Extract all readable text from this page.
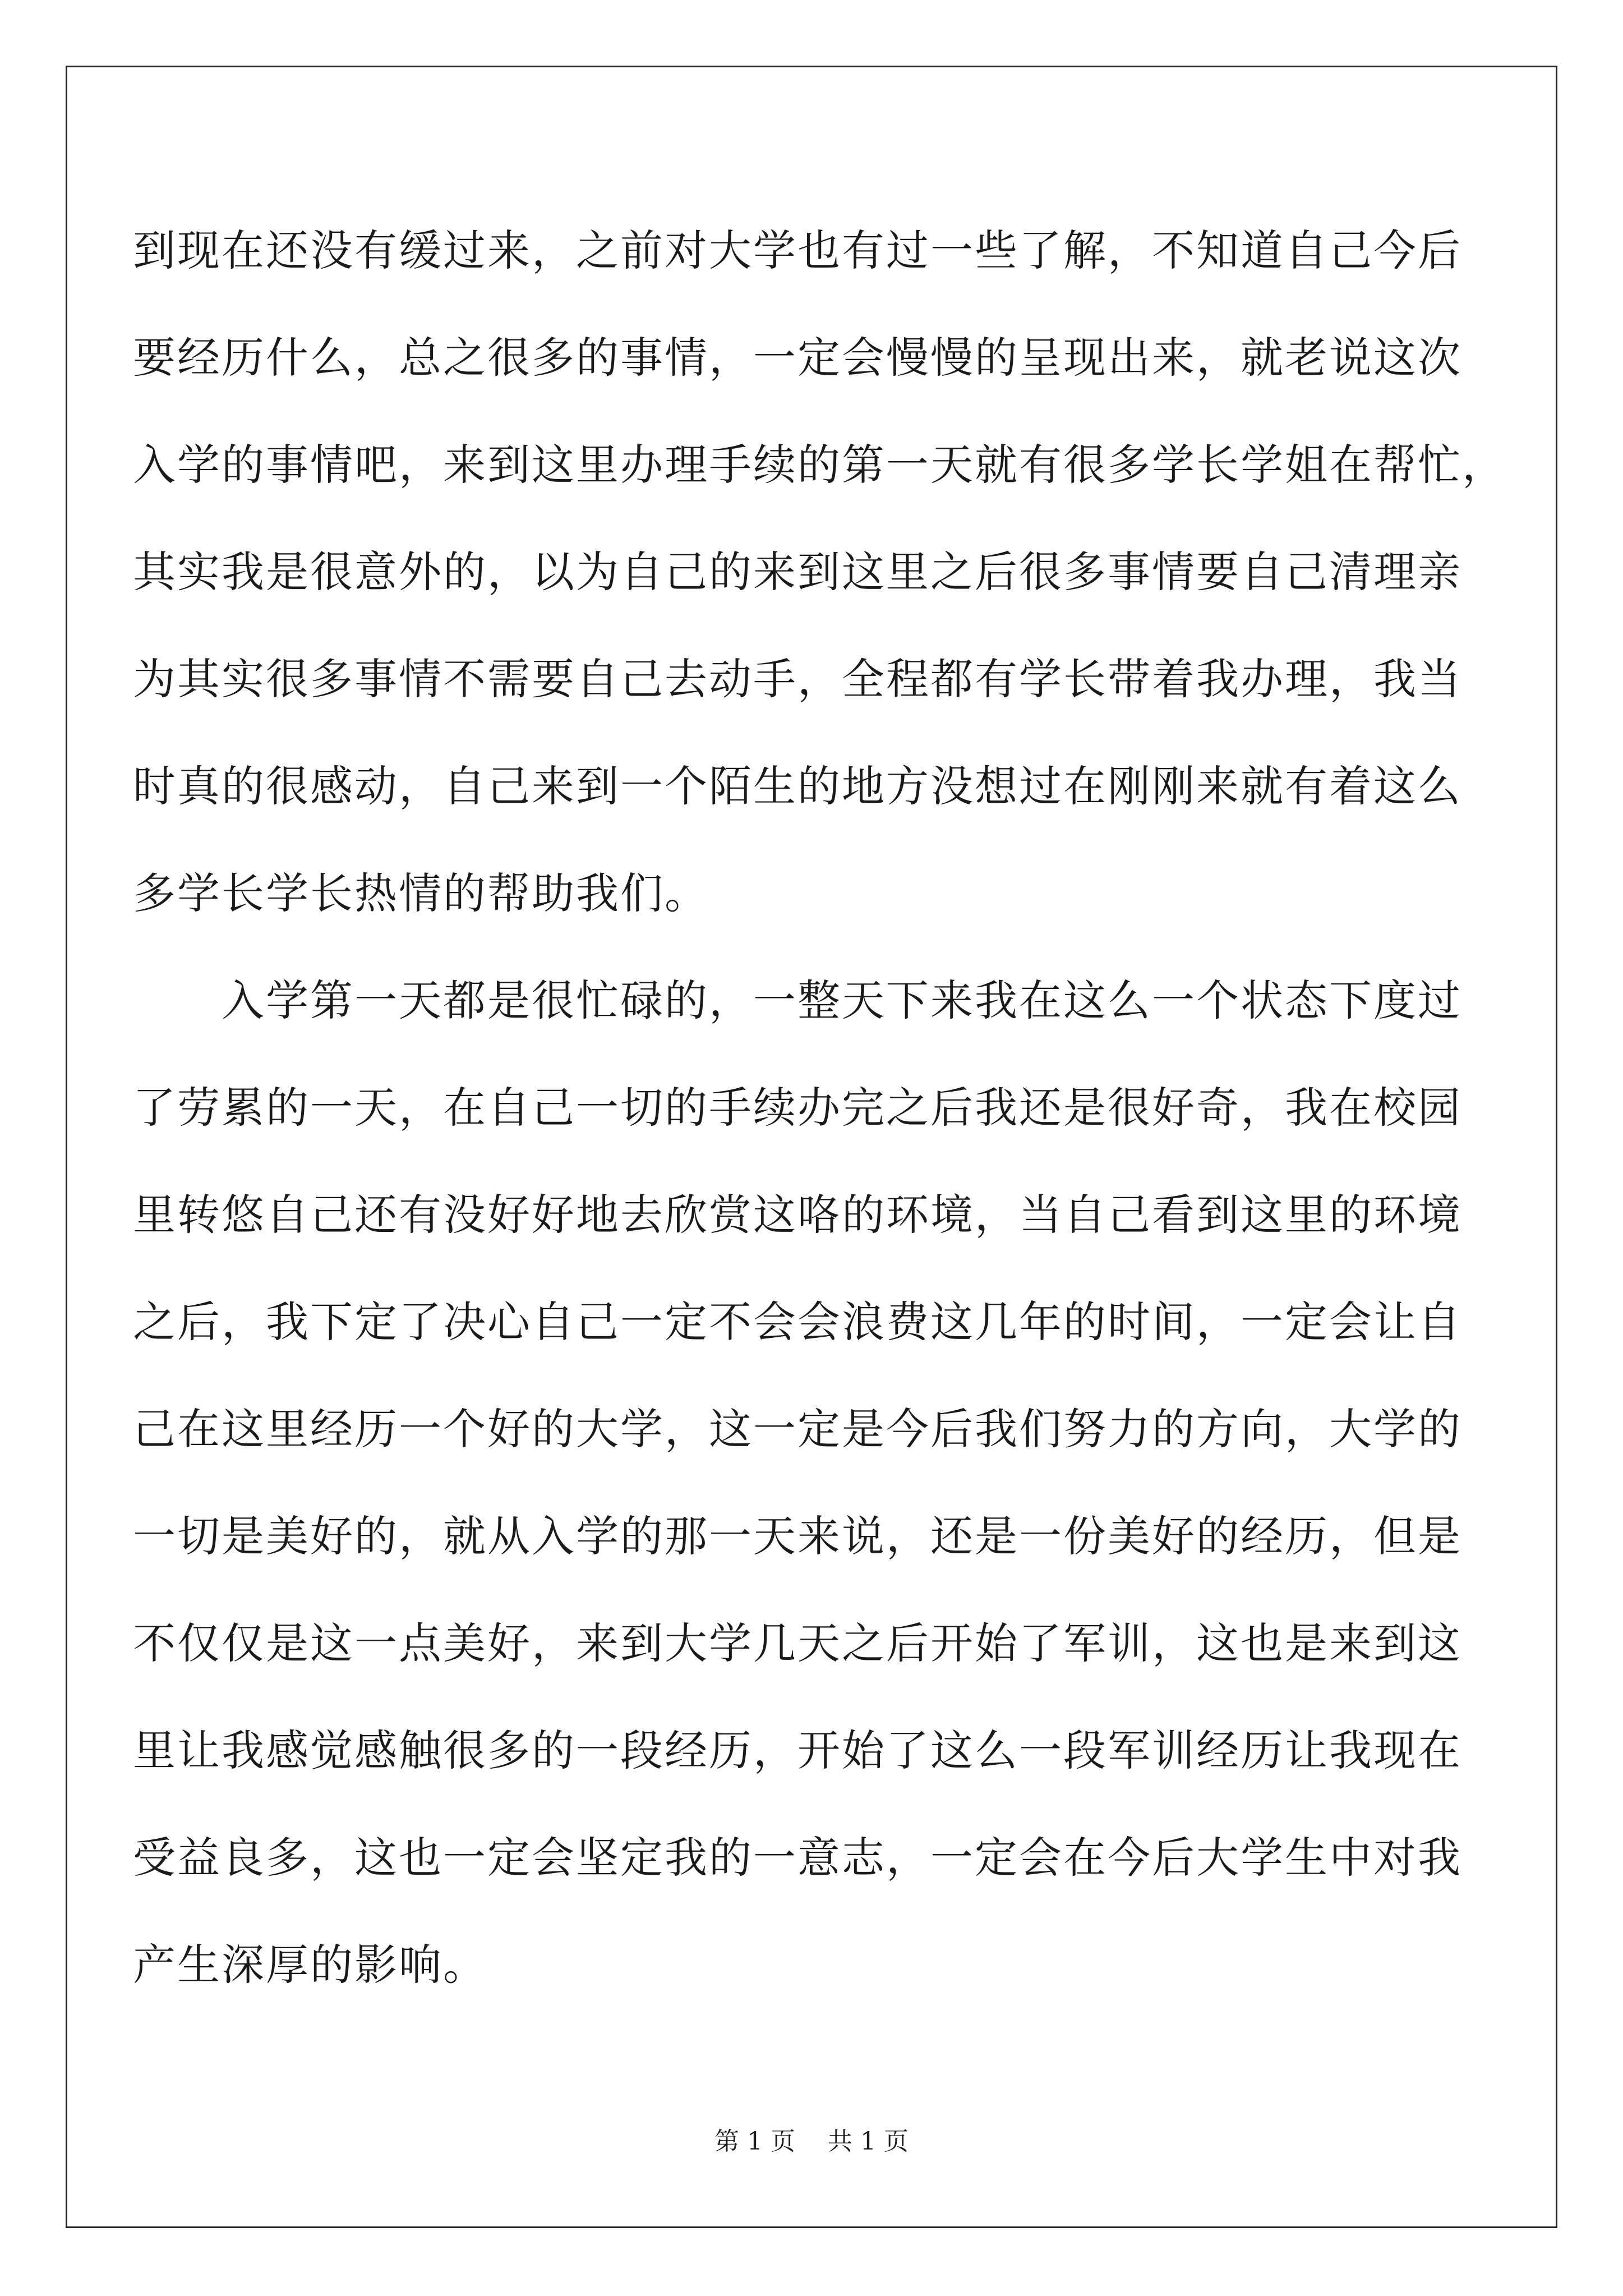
到现在还没有缓过来，之前对大学也有过一些了解，不知道自己今后
要经历什么，总之很多的事情，一定会慢慢的呈现出来，就老说这次
入学的事情吧，来到这里办理手续的第一天就有很多学长学姐在帮忙，
其实我是很意外的，以为自己的来到这里之后很多事情要自己清理亲
为其实很多事情不需要自己去动手，全程都有学长带着我办理，我当
时真的很感动，自己来到一个陌生的地方没想过在刚刚来就有着这么
多学长学长热情的帮助我们。
　　入学第一天都是很忙碌的，一整天下来我在这么一个状态下度过
了劳累的一天，在自己一切的手续办完之后我还是很好奇，我在校园
里转悠自己还有没好好地去欣赏这咯的环境，当自己看到这里的环境
之后，我下定了决心自己一定不会会浪费这几年的时间，一定会让自
己在这里经历一个好的大学，这一定是今后我们努力的方向，大学的
一切是美好的，就从入学的那一天来说，还是一份美好的经历，但是
不仅仅是这一点美好，来到大学几天之后开始了军训，这也是来到这
里让我感觉感触很多的一段经历，开始了这么一段军训经历让我现在
受益良多，这也一定会坚定我的一意志，一定会在今后大学生中对我
产生深厚的影响。
第 1 页　 共 1 页
